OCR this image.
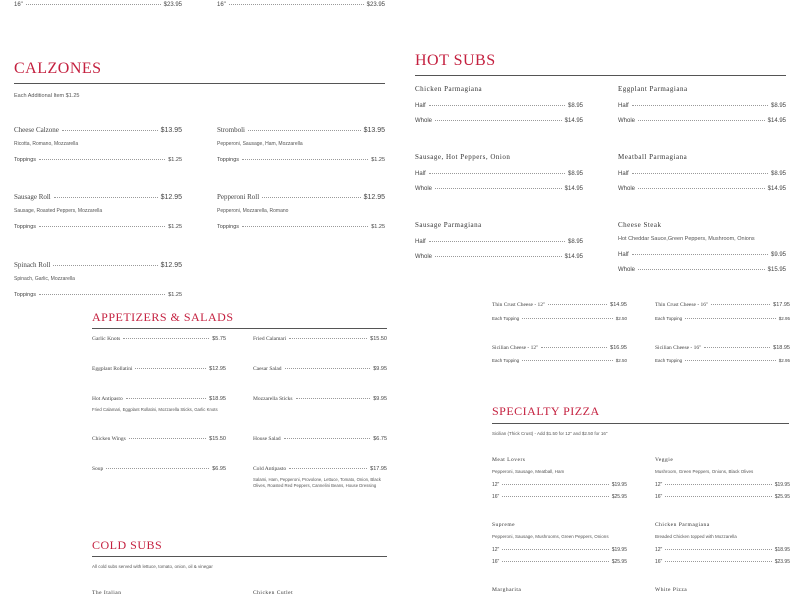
16"	$23.95	16"	$23.95
CALZONES
Each Additional Item $1.25
Cheese Calzone	$13.95
Ricotta, Romano, Mozzarella
Toppings	$1.25
Stromboli	$13.95
Pepperoni, Sausage, Ham, Mozzarella
Toppings	$1.25
Sausage Roll	$12.95
Sausage, Roasted Peppers, Mozzarella
Toppings	$1.25
Pepperoni Roll	$12.95
Pepperoni, Mozzarella, Romano
Toppings	$1.25
Spinach Roll	$12.95
Spinach, Garlic, Mozzarella
Toppings	$1.25
HOT SUBS
Chicken Parmagiana
Half	$8.95
Whole	$14.95
Eggplant Parmagiana
Half	$8.95
Whole	$14.95
Sausage, Hot Peppers, Onion
Half	$8.95
Whole	$14.95
Meatball Parmagiana
Half	$8.95
Whole	$14.95
Sausage Parmagiana
Half	$8.95
Whole	$14.95
Cheese Steak
Hot Cheddar Sauce,Green Peppers, Mushroom, Onions
Half	$9.95
Whole	$15.95
Thin Crust Cheese - 12"	$14.95
Each Topping	$2.50
Thin Crust Cheese - 16"	$17.95
Each Topping	$2.95
Sicilian Cheese - 12"	$16.95
Each Topping	$2.50
Sicilian Cheese - 16"	$18.95
Each Topping	$2.95
APPETIZERS & SALADS
Garlic Knots	$5.75	Fried Calamari	$15.50
Eggplant Rollatini	$12.95	Caesar Salad	$9.95
Hot Antipasto	$18.95
Fried Calamari, Eggplant Rollatini, Mozzarella Sticks, Garlic Knots
Mozzarella Sticks	$9.95
Chicken Wings	$15.50	House Salad	$6.75
Soup	$6.95	Cold Antipasto	$17.95
Salami, Ham, Pepperoni, Provolone, Lettuce, Tomato, Onion, Black Olives, Roasted Red Peppers, Cannelini Beans, House Dressing
SPECIALTY PIZZA
Sicilian (Thick Crust) - Add $1.50 for 12" and $2.50 for 16"
Meat Lovers
Pepperoni, Sausage, Meatball, Ham
12"	$19.95
16"	$25.95
Veggie
Mushroom, Green Peppers, Onions, Black Olives
12"	$19.95
16"	$25.95
Supreme
Pepperoni, Sausage, Mushrooms, Green Peppers, Onions
12"	$19.95
16"	$25.95
Chicken Parmagiana
Breaded Chicken topped with Mozzarella
12"	$18.95
16"	$23.95
Margharita	White Pizza
COLD SUBS
All cold subs served with lettuce, tomato, onion, oil & vinegar
The Italian	Chicken Cutlet
